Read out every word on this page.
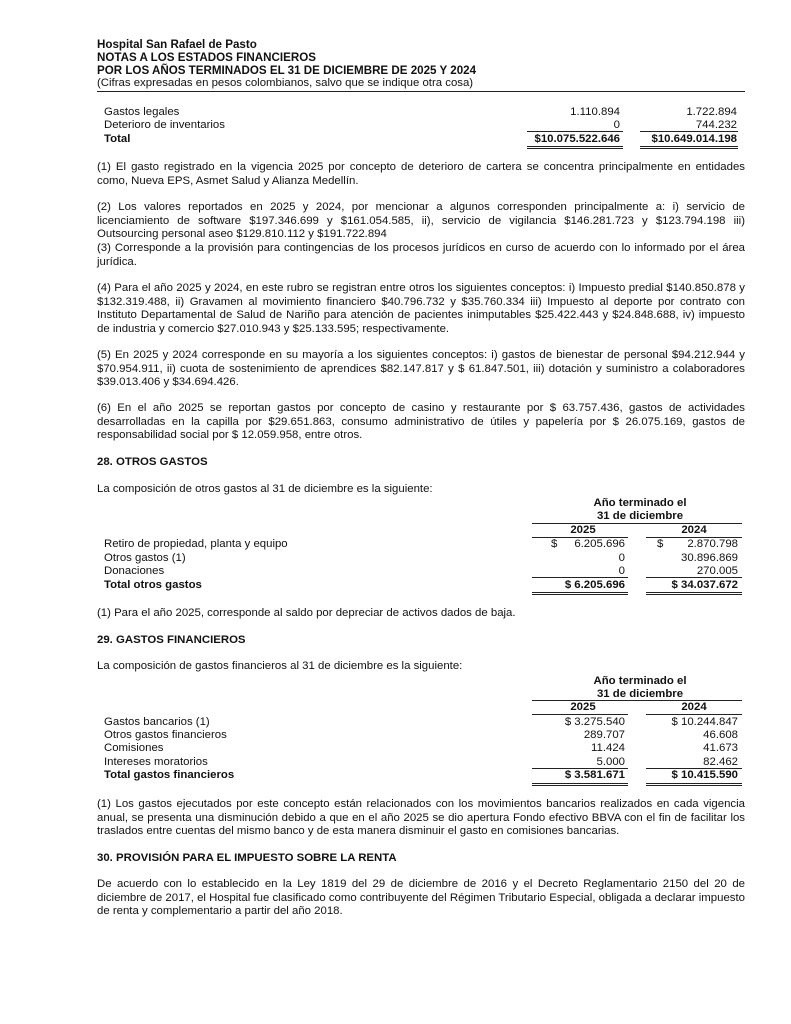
Hospital San Rafael de Pasto
NOTAS A LOS ESTADOS FINANCIEROS
POR LOS AÑOS TERMINADOS EL 31 DE DICIEMBRE DE 2025 Y 2024
(Cifras expresadas en pesos colombianos, salvo que se indique otra cosa)
Gastos legales	1.110.894	1.722.894
Deterioro de inventarios	0	744.232
Total	$10.075.522.646	$10.649.014.198
(1) El gasto registrado en la vigencia 2025 por concepto de deterioro de cartera se concentra principalmente en entidades como, Nueva EPS, Asmet Salud y Alianza Medellín.
(2) Los valores reportados en 2025 y 2024, por mencionar a algunos corresponden principalmente a: i) servicio de licenciamiento de software $197.346.699 y $161.054.585, ii), servicio de vigilancia $146.281.723 y $123.794.198 iii) Outsourcing personal aseo $129.810.112 y $191.722.894
(3) Corresponde a la provisión para contingencias de los procesos jurídicos en curso de acuerdo con lo informado por el área jurídica.
(4) Para el año 2025 y 2024, en este rubro se registran entre otros los siguientes conceptos: i) Impuesto predial $140.850.878 y $132.319.488, ii) Gravamen al movimiento financiero $40.796.732 y $35.760.334 iii) Impuesto al deporte por contrato con Instituto Departamental de Salud de Nariño para atención de pacientes inimputables $25.422.443 y $24.848.688, iv) impuesto de industria y comercio $27.010.943 y $25.133.595; respectivamente.
(5) En 2025 y 2024 corresponde en su mayoría a los siguientes conceptos: i) gastos de bienestar de personal $94.212.944 y $70.954.911, ii) cuota de sostenimiento de aprendices $82.147.817 y $ 61.847.501, iii) dotación y suministro a colaboradores $39.013.406 y $34.694.426.
(6) En el año 2025 se reportan gastos por concepto de casino y restaurante por $ 63.757.436, gastos de actividades desarrolladas en la capilla por $29.651.863, consumo administrativo de útiles y papelería por $ 26.075.169, gastos de responsabilidad social por $ 12.059.958, entre otros.
28. OTROS GASTOS
La composición de otros gastos al 31 de diciembre es la siguiente:
Año terminado el
31 de diciembre
2025	2024
Retiro de propiedad, planta y equipo	$	6.205.696	$	2.870.798
Otros gastos (1)	0	30.896.869
Donaciones	0	270.005
Total otros gastos	$ 6.205.696	$ 34.037.672
(1) Para el año 2025, corresponde al saldo por depreciar de activos dados de baja.
29. GASTOS FINANCIEROS
La composición de gastos financieros al 31 de diciembre es la siguiente:
Año terminado el
31 de diciembre
2025	2024
Gastos bancarios (1)	$ 3.275.540	$ 10.244.847
Otros gastos financieros	289.707	46.608
Comisiones	11.424	41.673
Intereses moratorios	5.000	82.462
Total gastos financieros	$ 3.581.671	$ 10.415.590
(1) Los gastos ejecutados por este concepto están relacionados con los movimientos bancarios realizados en cada vigencia anual, se presenta una disminución debido a que en el año 2025 se dio apertura Fondo efectivo BBVA con el fin de facilitar los traslados entre cuentas del mismo banco y de esta manera disminuir el gasto en comisiones bancarias.
30. PROVISIÓN PARA EL IMPUESTO SOBRE LA RENTA
De acuerdo con lo establecido en la Ley 1819 del 29 de diciembre de 2016 y el Decreto Reglamentario 2150 del 20 de diciembre de 2017, el Hospital fue clasificado como contribuyente del Régimen Tributario Especial, obligada a declarar impuesto de renta y complementario a partir del año 2018.
